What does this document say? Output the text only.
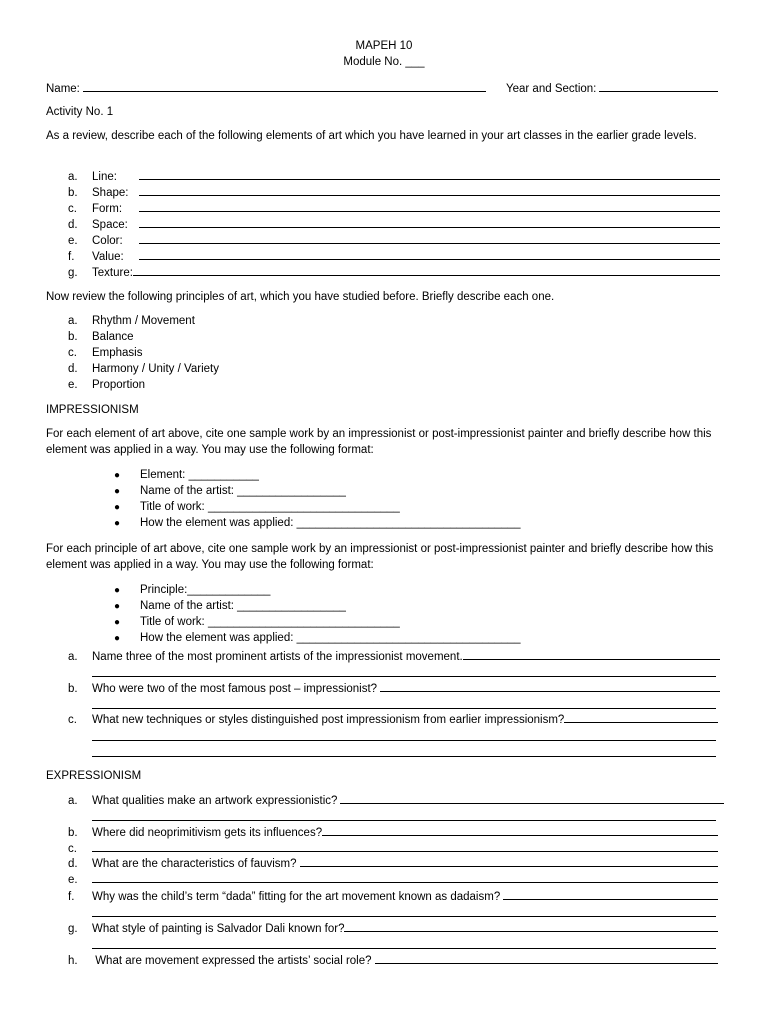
MAPEH 10
Module No. ___
Name:	Year and Section:
Activity No. 1
As a review, describe each of the following elements of art which you have learned in your art classes in the earlier grade levels.
a.	Line:
b.	Shape:
c.	Form:
d.	Space:
e.	Color:
f.	Value:
g.	Texture:
Now review the following principles of art, which you have studied before. Briefly describe each one.
a. Rhythm / Movement
b. Balance
c. Emphasis
d. Harmony / Unity / Variety
e. Proportion
IMPRESSIONISM
For each element of art above, cite one sample work by an impressionist or post-impressionist painter and briefly describe how this element was applied in a way. You may use the following format:
● Element: ___________
● Name of the artist: _________________
● Title of work: ______________________________
● How the element was applied: ___________________________________
For each principle of art above, cite one sample work by an impressionist or post-impressionist painter and briefly describe how this element was applied in a way. You may use the following format:
● Principle:_____________
● Name of the artist: _________________
● Title of work: ______________________________
● How the element was applied: ___________________________________
a.	Name three of the most prominent artists of the impressionist movement.
b.	Who were two of the most famous post – impressionist?
c.	What new techniques or styles distinguished post impressionism from earlier impressionism?
EXPRESSIONISM
a.	What qualities make an artwork expressionistic?
b.	Where did neoprimitivism gets its influences?
c.
d.	What are the characteristics of fauvism?
e.
f.	Why was the child’s term “dada” fitting for the art movement known as dadaism?
g.	What style of painting is Salvador Dali known for?
h.	What are movement expressed the artists’ social role?
